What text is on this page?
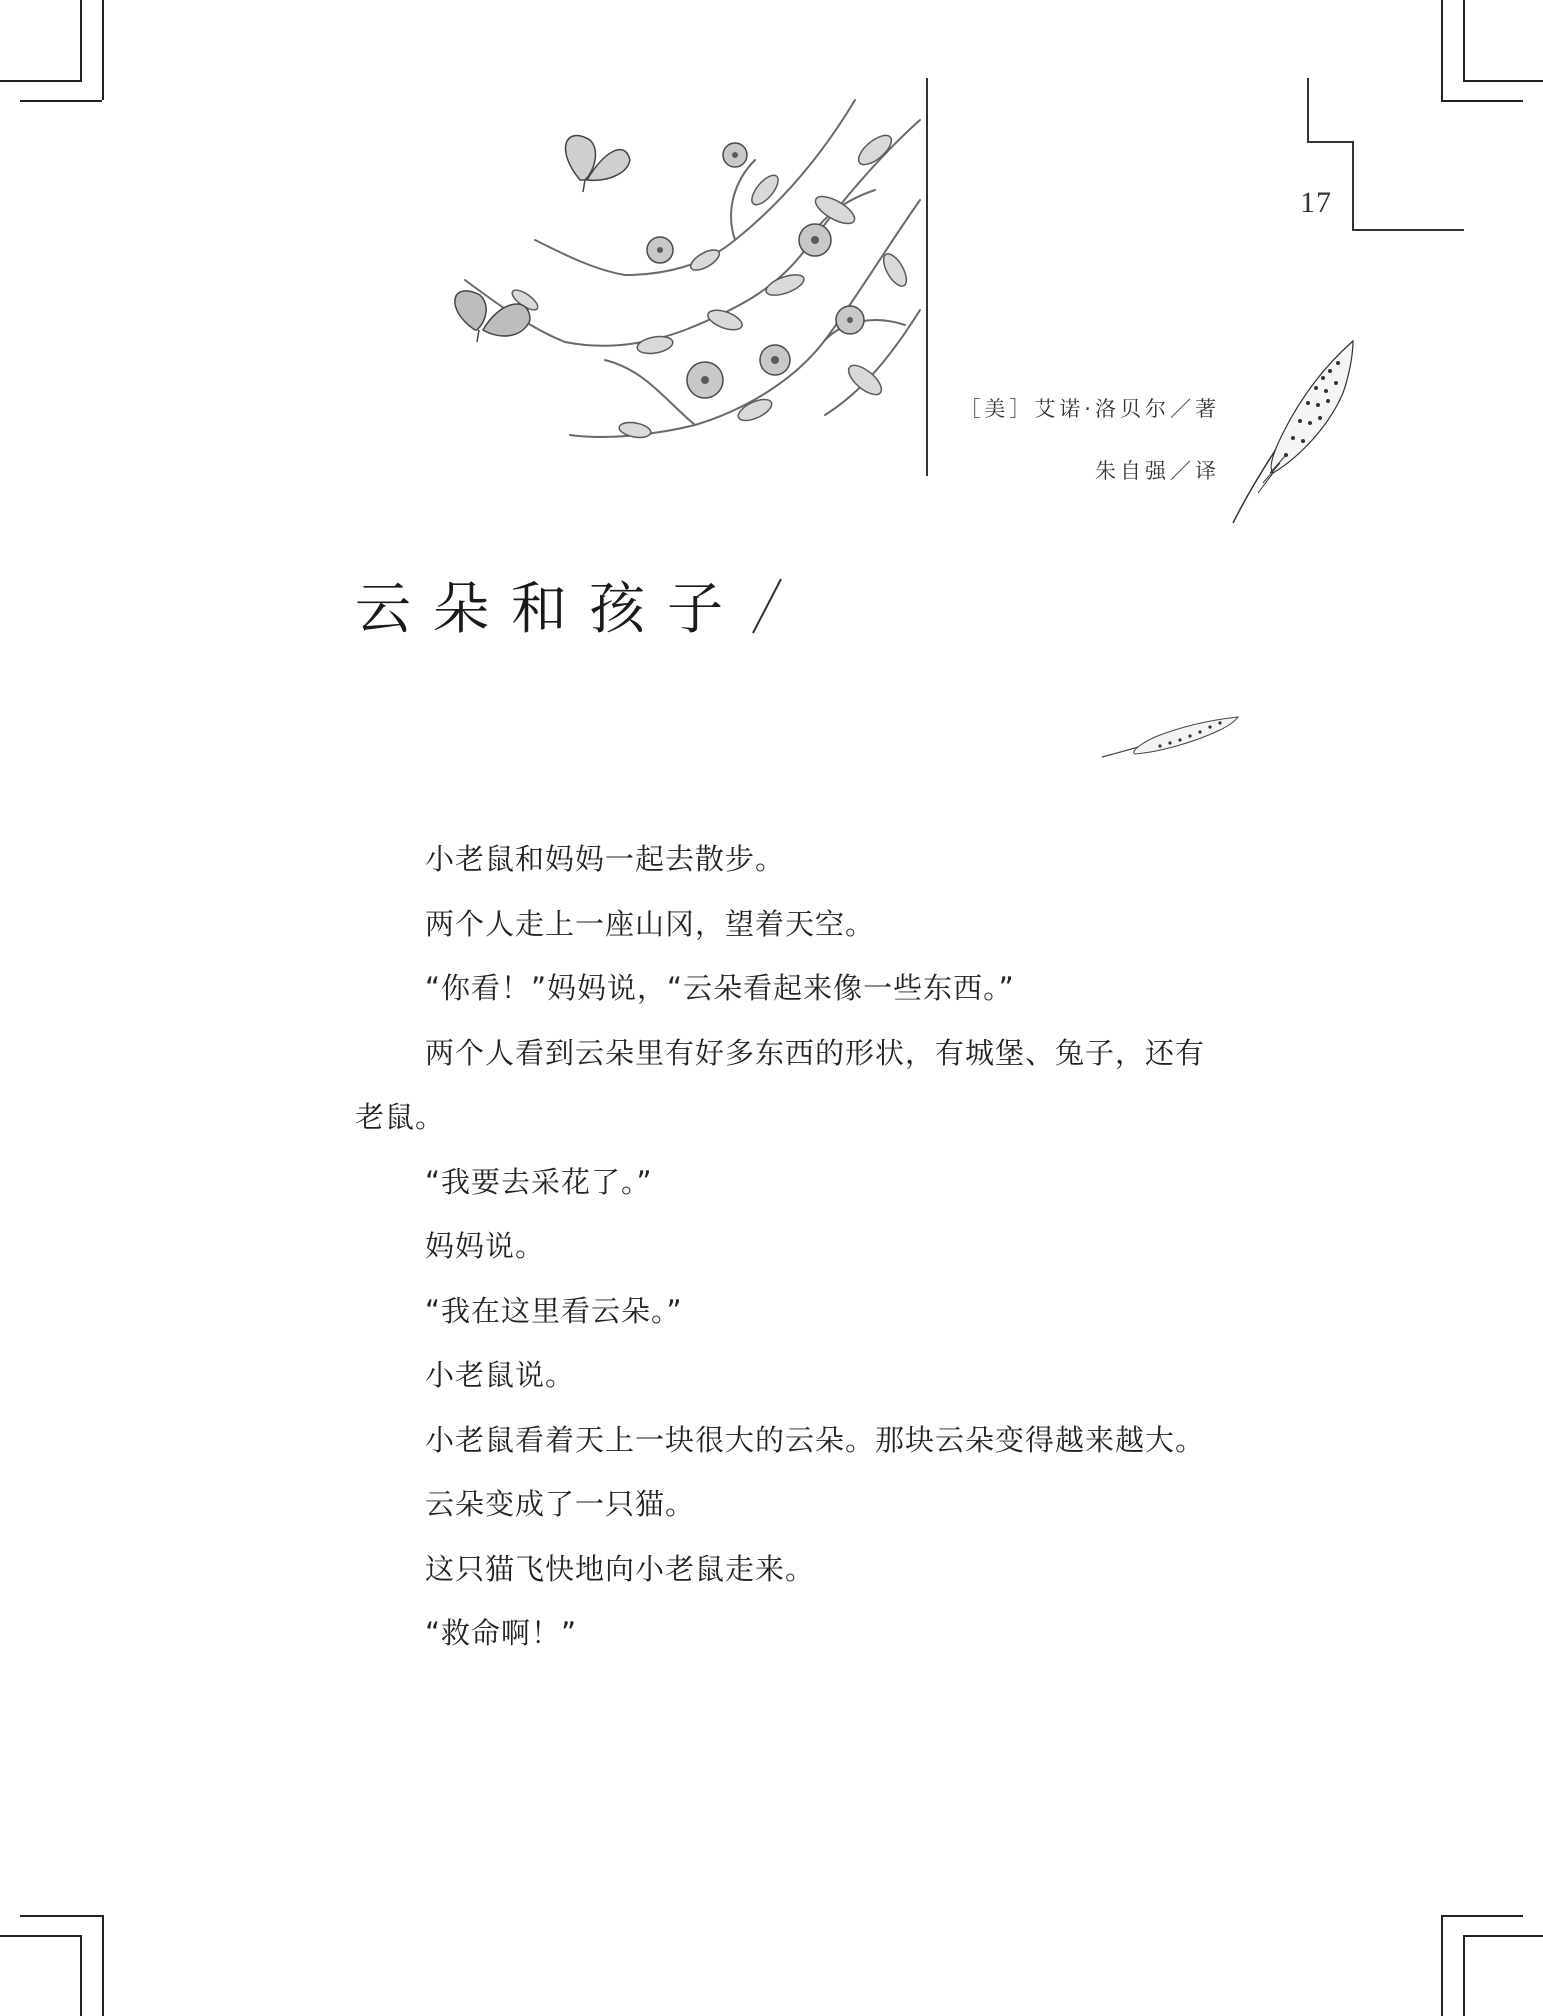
17
［美］艾诺·洛贝尔／著
朱自强／译
云朵和孩子

小老鼠和妈妈一起去散步。

两个人走上一座山冈，望着天空。

“你看！”妈妈说，“云朵看起来像一些东西。”

两个人看到云朵里有好多东西的形状，有城堡、兔子，还有老鼠。

“我要去采花了。”

妈妈说。

“我在这里看云朵。”

小老鼠说。

小老鼠看着天上一块很大的云朵。那块云朵变得越来越大。

云朵变成了一只猫。

这只猫飞快地向小老鼠走来。

“救命啊！”
